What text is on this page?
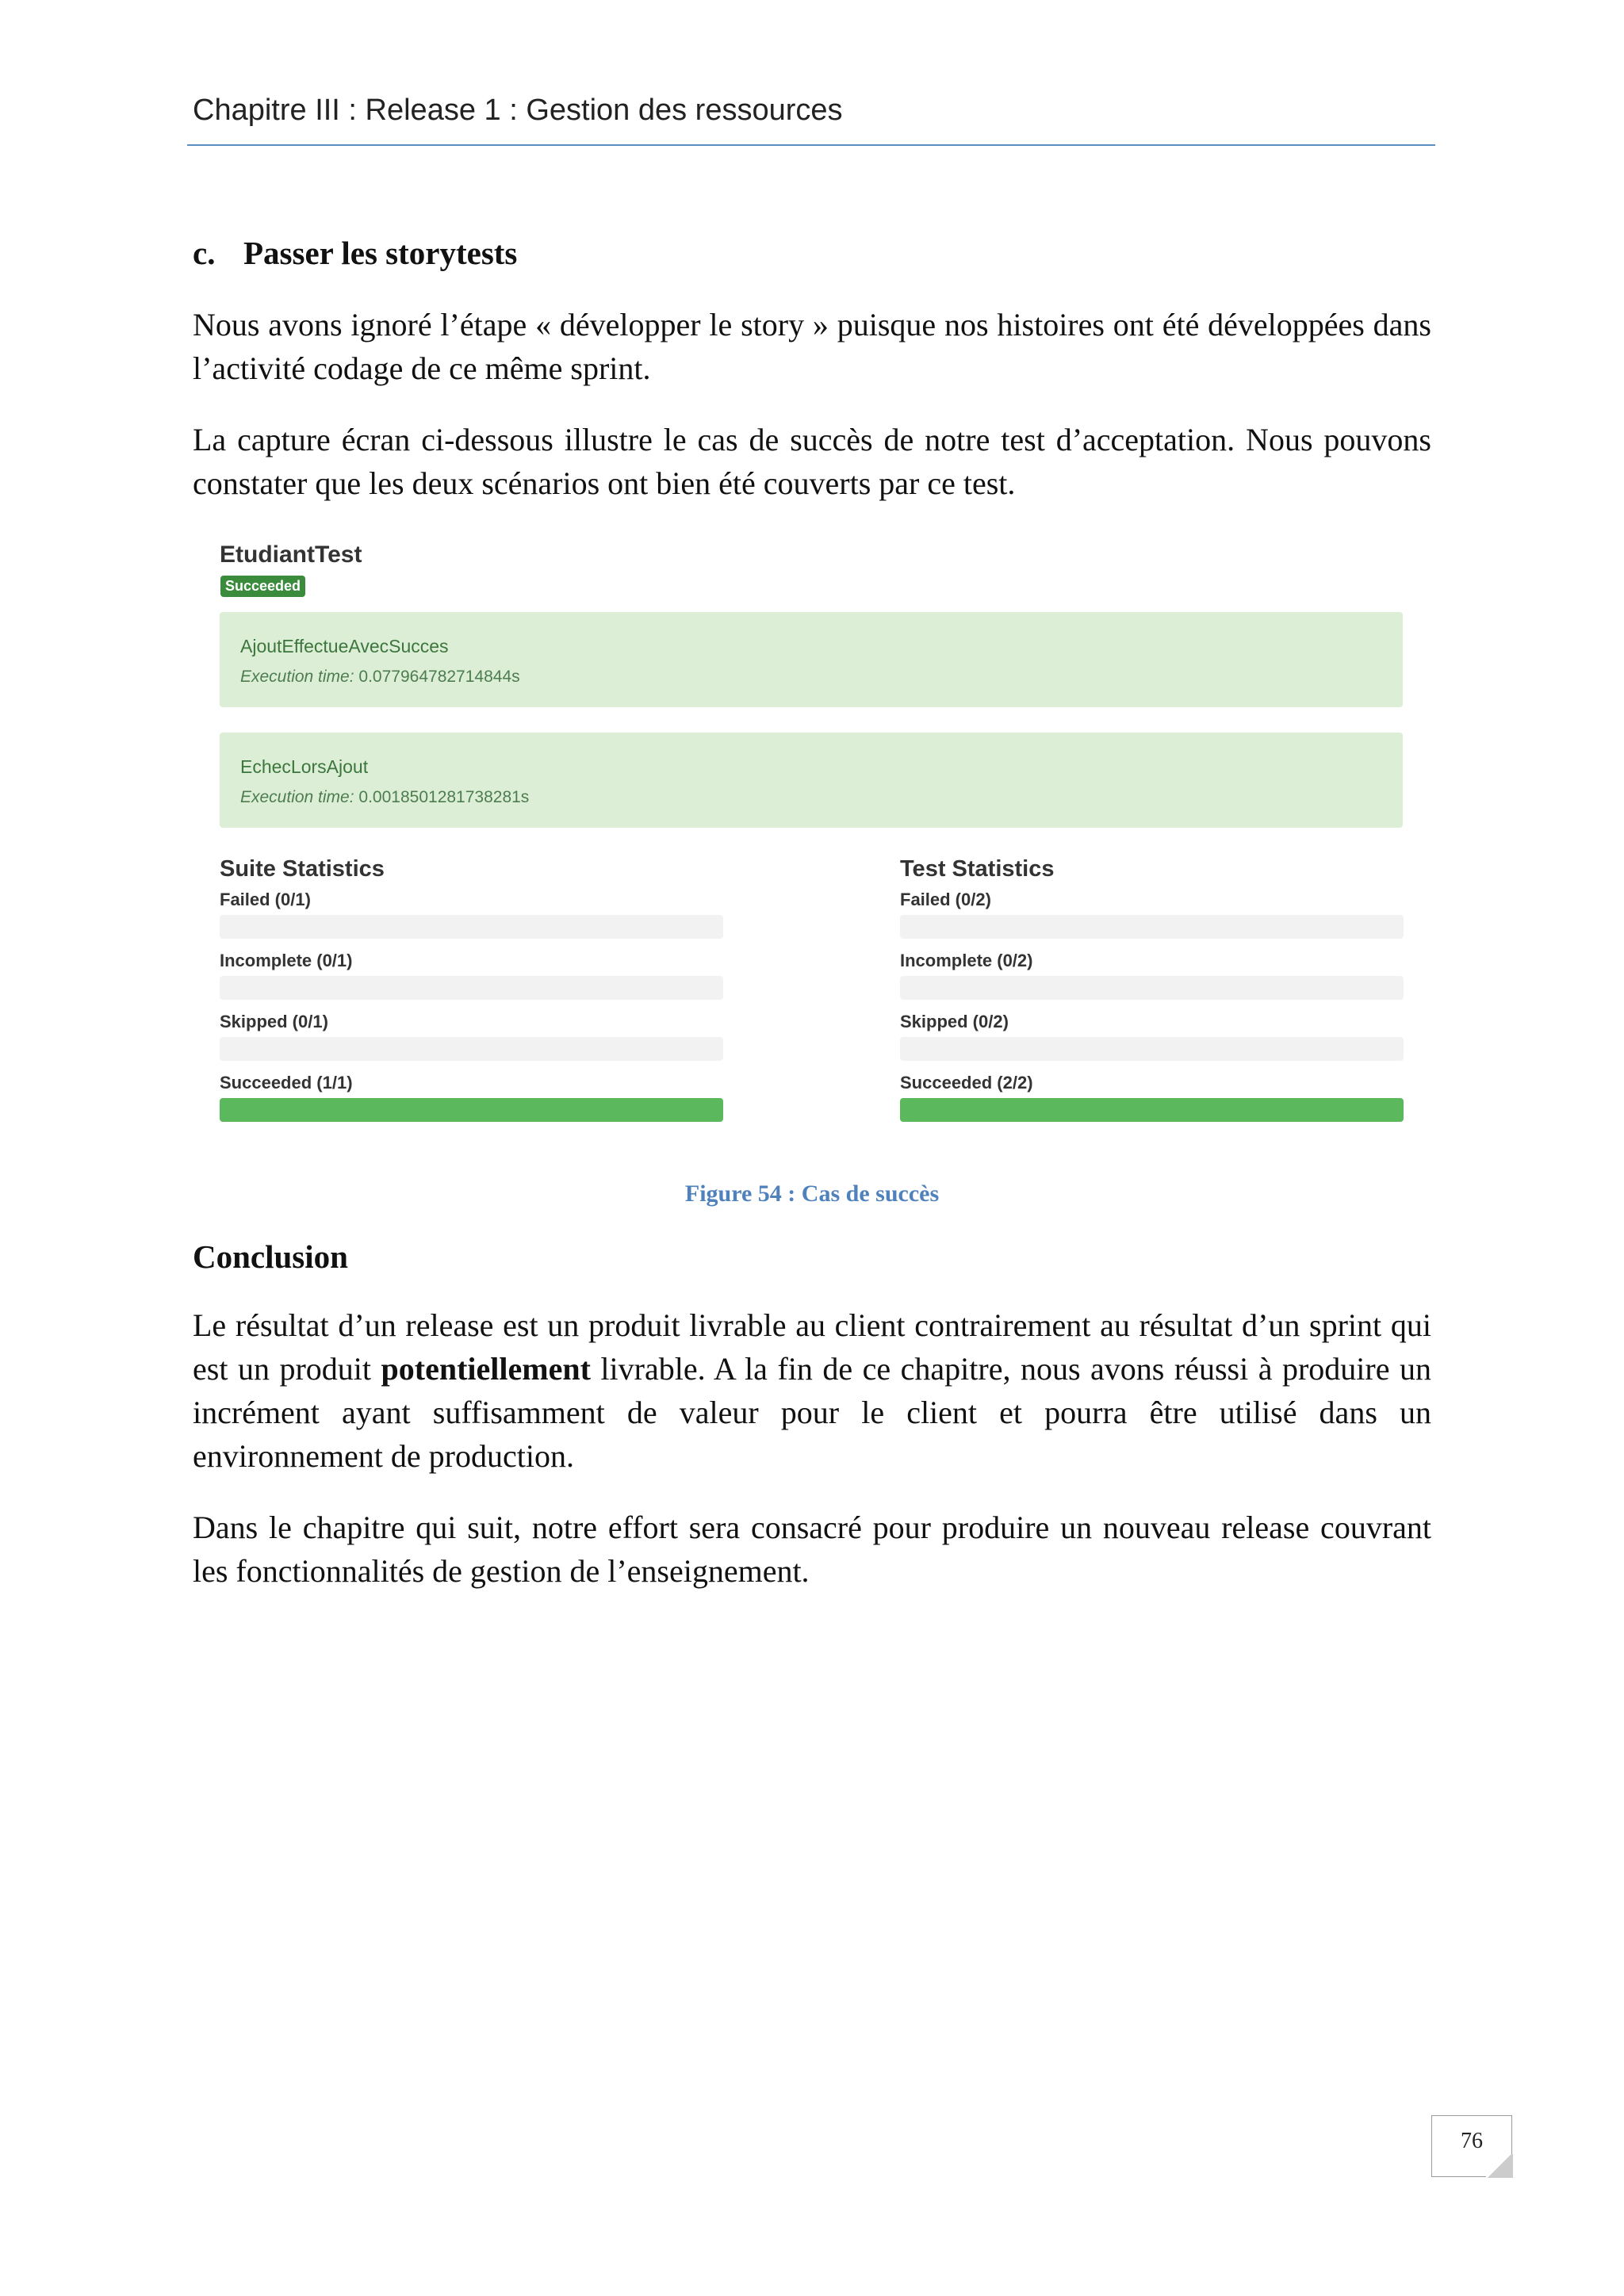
Chapitre III : Release 1 : Gestion des ressources
c. Passer les storytests
Nous avons ignoré l’étape « développer le story » puisque nos histoires ont été développées dans l’activité codage de ce même sprint.
La capture écran ci-dessous illustre le cas de succès de notre test d’acceptation. Nous pouvons constater que les deux scénarios ont bien été couverts par ce test.
EtudiantTest
Succeeded
AjoutEffectueAvecSucces
Execution time: 0.077964782714844s
EchecLorsAjout
Execution time: 0.0018501281738281s
Suite Statistics
Failed (0/1)
Incomplete (0/1)
Skipped (0/1)
Succeeded (1/1)
Test Statistics
Failed (0/2)
Incomplete (0/2)
Skipped (0/2)
Succeeded (2/2)
Figure 54 : Cas de succès
Conclusion
Le résultat d’un release est un produit livrable au client contrairement au résultat d’un sprint qui est un produit potentiellement livrable. A la fin de ce chapitre, nous avons réussi à produire un incrément ayant suffisamment de valeur pour le client et pourra être utilisé dans un environnement de production.
Dans le chapitre qui suit, notre effort sera consacré pour produire un nouveau release couvrant les fonctionnalités de gestion de l’enseignement.
76
